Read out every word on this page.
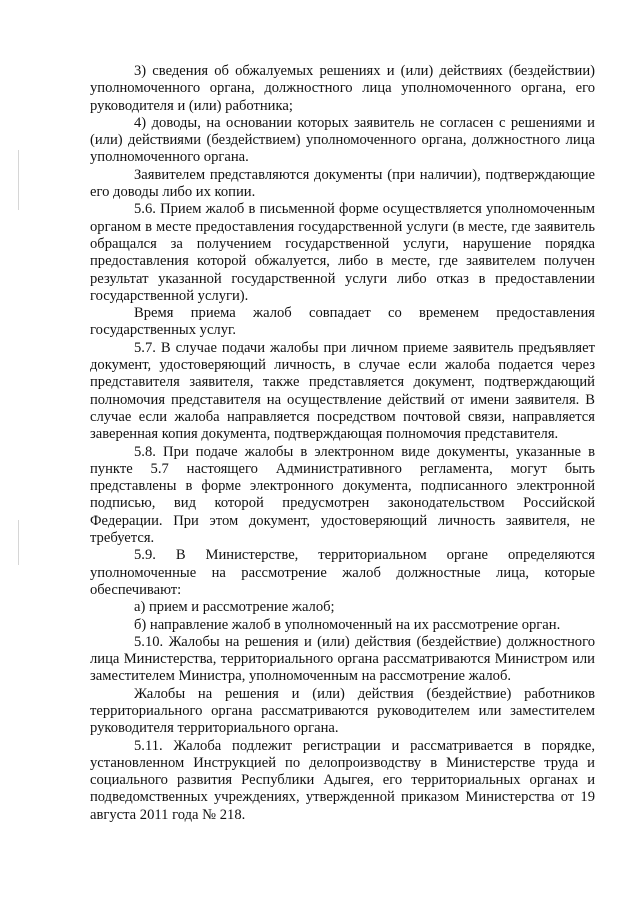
3) сведения об обжалуемых решениях и (или) действиях (бездействии) уполномоченного органа, должностного лица уполномоченного органа, его руководителя и (или) работника;

4) доводы, на основании которых заявитель не согласен с решениями и (или) действиями (бездействием) уполномоченного органа, должностного лица уполномоченного органа.

Заявителем представляются документы (при наличии), подтверждающие его доводы либо их копии.

5.6. Прием жалоб в письменной форме осуществляется уполномоченным органом в месте предоставления государственной услуги (в месте, где заявитель обращался за получением государственной услуги, нарушение порядка предоставления которой обжалуется, либо в месте, где заявителем получен результат указанной государственной услуги либо отказ в предоставлении государственной услуги).

Время приема жалоб совпадает со временем предоставления государственных услуг.

5.7. В случае подачи жалобы при личном приеме заявитель предъявляет документ, удостоверяющий личность, в случае если жалоба подается через представителя заявителя, также представляется документ, подтверждающий полномочия представителя на осуществление действий от имени заявителя. В случае если жалоба направляется посредством почтовой связи, направляется заверенная копия документа, подтверждающая полномочия представителя.

5.8. При подаче жалобы в электронном виде документы, указанные в пункте 5.7 настоящего Административного регламента, могут быть представлены в форме электронного документа, подписанного электронной подписью, вид которой предусмотрен законодательством Российской Федерации. При этом документ, удостоверяющий личность заявителя, не требуется.

5.9. В Министерстве, территориальном органе определяются уполномоченные на рассмотрение жалоб должностные лица, которые обеспечивают:

а) прием и рассмотрение жалоб;

б) направление жалоб в уполномоченный на их рассмотрение орган.

5.10. Жалобы на решения и (или) действия (бездействие) должностного лица Министерства, территориального органа рассматриваются Министром или заместителем Министра, уполномоченным на рассмотрение жалоб.

Жалобы на решения и (или) действия (бездействие) работников территориального органа рассматриваются руководителем или заместителем руководителя территориального органа.

5.11. Жалоба подлежит регистрации и рассматривается в порядке, установленном Инструкцией по делопроизводству в Министерстве труда и социального развития Республики Адыгея, его территориальных органах и подведомственных учреждениях, утвержденной приказом Министерства от 19 августа 2011 года № 218.
